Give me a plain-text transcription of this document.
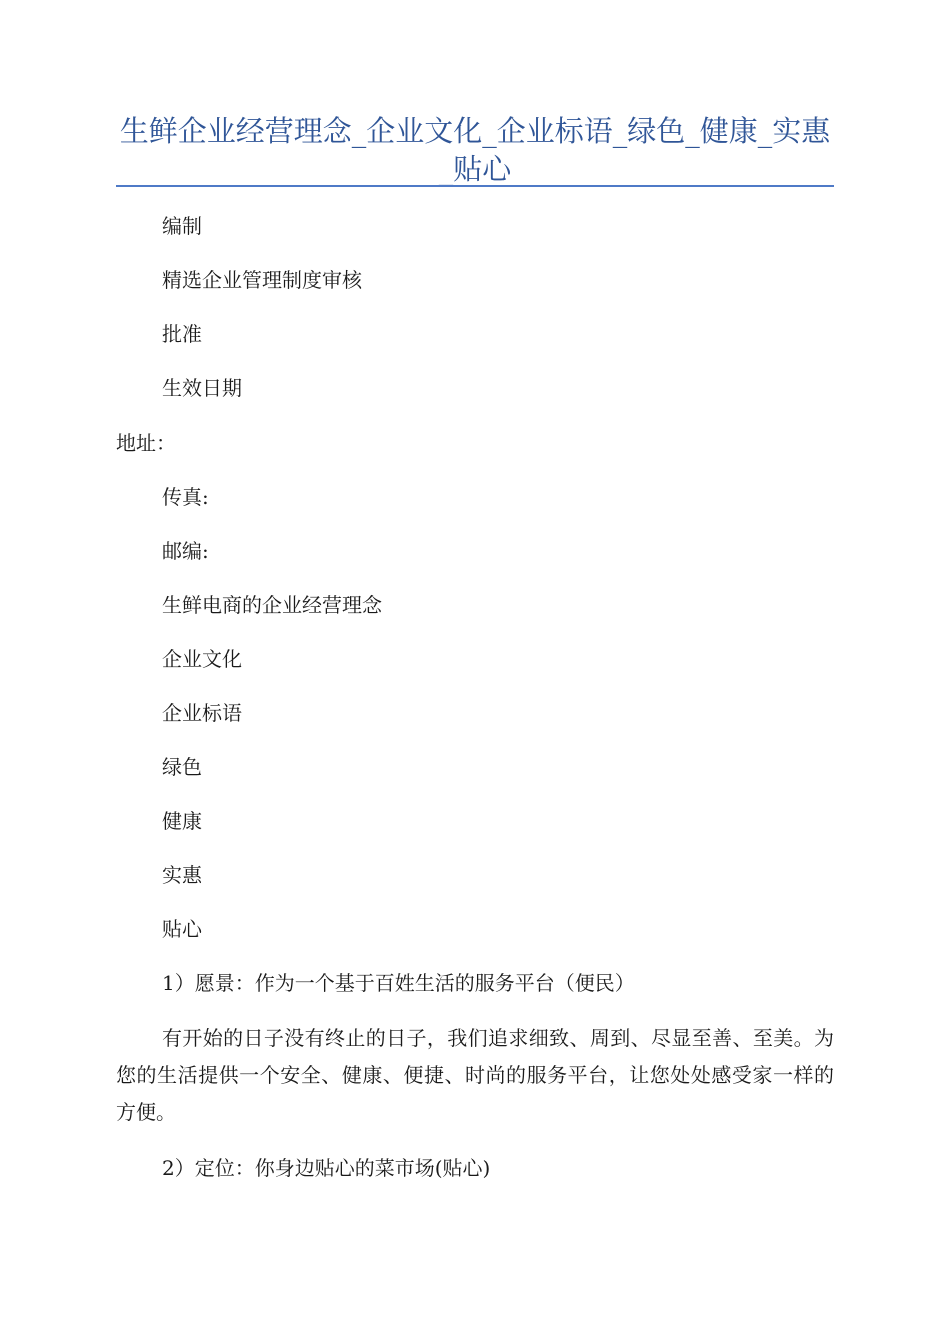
生鲜企业经营理念_企业文化_企业标语_绿色_健康_实惠_贴心

编制

精选企业管理制度审核

批准

生效日期

地址：

传真:

邮编:

生鲜电商的企业经营理念

企业文化

企业标语

绿色

健康

实惠

贴心

1）愿景：作为一个基于百姓生活的服务平台（便民）

有开始的日子没有终止的日子，我们追求细致、周到、尽显至善、至美。为您的生活提供一个安全、健康、便捷、时尚的服务平台，让您处处感受家一样的方便。

2）定位：你身边贴心的菜市场(贴心)
